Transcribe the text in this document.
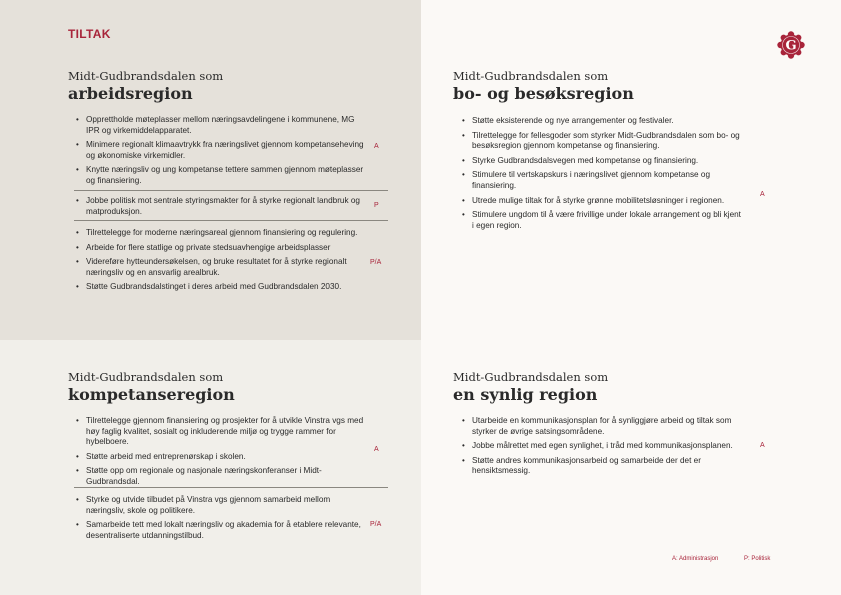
TILTAK
G
Midt-Gudbrandsdalen som
arbeidsregion
• Opprettholde møteplasser mellom næringsavdelingene i kommunene, MG IPR og virkemiddelapparatet.
• Minimere regionalt klimaavtrykk fra næringslivet gjennom kompetanseheving og økonomiske virkemidler.
• Knytte næringsliv og ung kompetanse tettere sammen gjennom møteplasser og finansiering.
A
• Jobbe politisk mot sentrale styringsmakter for å styrke regionalt landbruk og matproduksjon.
P
• Tilrettelegge for moderne næringsareal gjennom finansiering og regulering.
• Arbeide for flere statlige og private stedsuavhengige arbeidsplasser
• Videreføre hytteundersøkelsen, og bruke resultatet for å styrke regionalt næringsliv og en ansvarlig arealbruk.
• Støtte Gudbrandsdalstinget i deres arbeid med Gudbrandsdalen 2030.
P/A
Midt-Gudbrandsdalen som
bo- og besøksregion
• Støtte eksisterende og nye arrangementer og festivaler.
• Tilrettelegge for fellesgoder som styrker Midt-Gudbrandsdalen som bo- og besøksregion gjennom kompetanse og finansiering.
• Styrke Gudbrandsdalsvegen med kompetanse og finansiering.
• Stimulere til vertskapskurs i næringslivet gjennom kompetanse og finansiering.
• Utrede mulige tiltak for å styrke grønne mobilitetsløsninger i regionen.
• Stimulere ungdom til å være frivillige under lokale arrangement og bli kjent i egen region.
A
Midt-Gudbrandsdalen som
kompetanseregion
• Tilrettelegge gjennom finansiering og prosjekter for å utvikle Vinstra vgs med høy faglig kvalitet, sosialt og inkluderende miljø og trygge rammer for hybelboere.
• Støtte arbeid med entreprenørskap i skolen.
• Støtte opp om regionale og nasjonale næringskonferanser i Midt-Gudbrandsdal.
A
• Styrke og utvide tilbudet på Vinstra vgs gjennom samarbeid mellom næringsliv, skole og politikere.
• Samarbeide tett med lokalt næringsliv og akademia for å etablere relevante, desentraliserte utdanningstilbud.
P/A
Midt-Gudbrandsdalen som
en synlig region
• Utarbeide en kommunikasjonsplan for å synliggjøre arbeid og tiltak som styrker de øvrige satsingsområdene.
• Jobbe målrettet med egen synlighet, i tråd med kommunikasjonsplanen.
• Støtte andres kommunikasjonsarbeid og samarbeide der det er hensiktsmessig.
A
A: Administrasjon	P: Politisk
